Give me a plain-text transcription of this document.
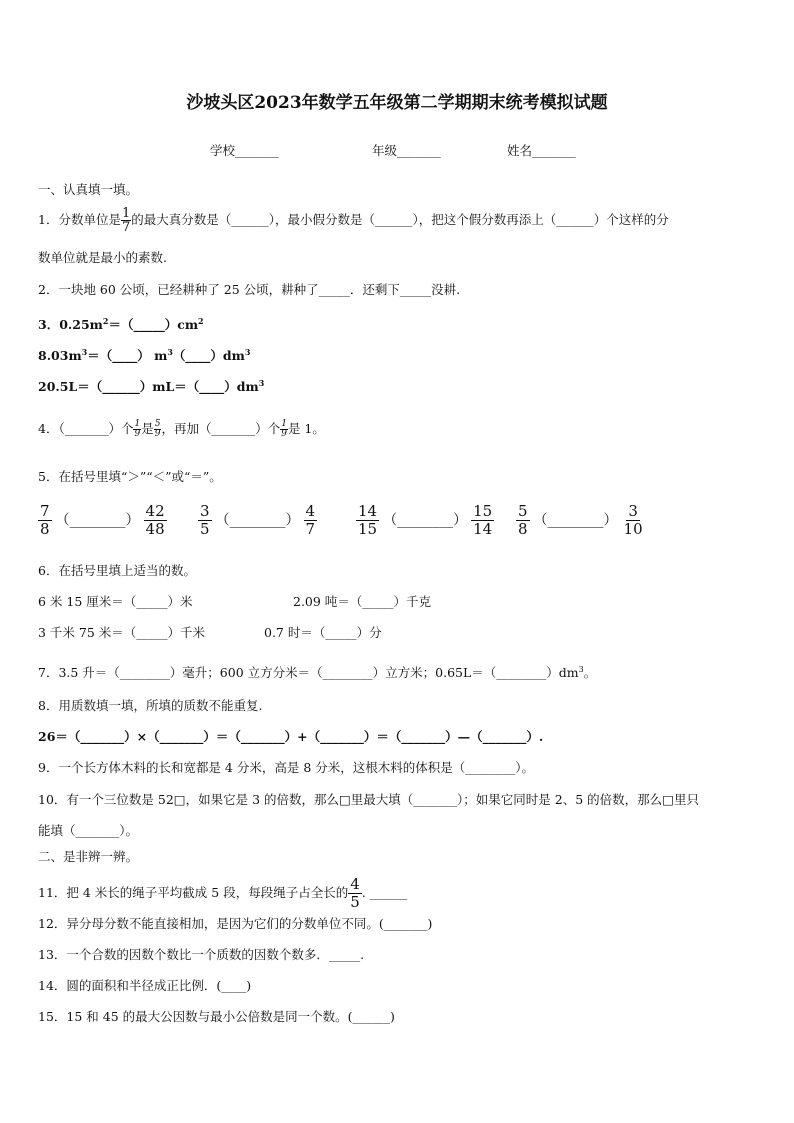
沙坡头区2023年数学五年级第二学期期末统考模拟试题
学校_______	年级_______	姓名_______
一、认真填一填。
1．分数单位是 $\frac{1}{7}$ 的最大真分数是（______），最小假分数是（______），把这个假分数再添上（______）个这样的分
数单位就是最小的素数.
2．一块地 60 公顷，已经耕种了 25 公顷，耕种了_____．还剩下_____没耕.
3．$0.25m^2=(\_\_\_\_\_)cm^2$
$8.03m^3=(\_\_\_\_)$ $m^3(\_\_\_\_)dm^3$
$20.5L=(\_\_\_\_\_\_)mL=(\_\_\_\_)dm^3$
4．（_______）个 $\frac{1}{9}$ 是 $\frac{5}{9}$ ，再加（_______）个 $\frac{1}{9}$ 是 1。
5．在括号里填“＞”“＜”或“＝”。
$\frac{7}{8}$ （________） $\frac{42}{48} \frac{3}{5}$ （________） $\frac{4}{7}$	$\frac{14}{15}$ （________） $\frac{15}{14} \frac{5}{8}$ （________） $\frac{3}{10}$
6．在括号里填上适当的数。
6 米 15 厘米＝（_____）米	2.09 吨＝（_____）千克
3 千米 75 米＝（_____）千米	0.7 时＝（_____）分
7．3.5 升＝（________）毫升；600 立方分米＝（________）立方米；$0.65L=(\_\_\_\_\_\_\_\_)dm^3$。
8．用质数填一填，所填的质数不能重复.
26＝（_______）×（_______）＝（_______）+（_______）＝（_______）—（_______）.
9．一个长方体木料的长和宽都是 4 分米，高是 8 分米，这根木料的体积是（________）。
10．有一个三位数是 52□，如果它是 3 的倍数，那么□里最大填（_______）；如果它同时是 2、5 的倍数，那么□里只
能填（_______）。
二、是非辨一辨。
11．把 4 米长的绳子平均截成 5 段，每段绳子占全长的 $\frac{4}{5}$ . ______
12．异分母分数不能直接相加，是因为它们的分数单位不同。(_______)
13．一个合数的因数个数比一个质数的因数个数多．_____.
14．圆的面积和半径成正比例．(____)
15．15 和 45 的最大公因数与最小公倍数是同一个数。(______)
